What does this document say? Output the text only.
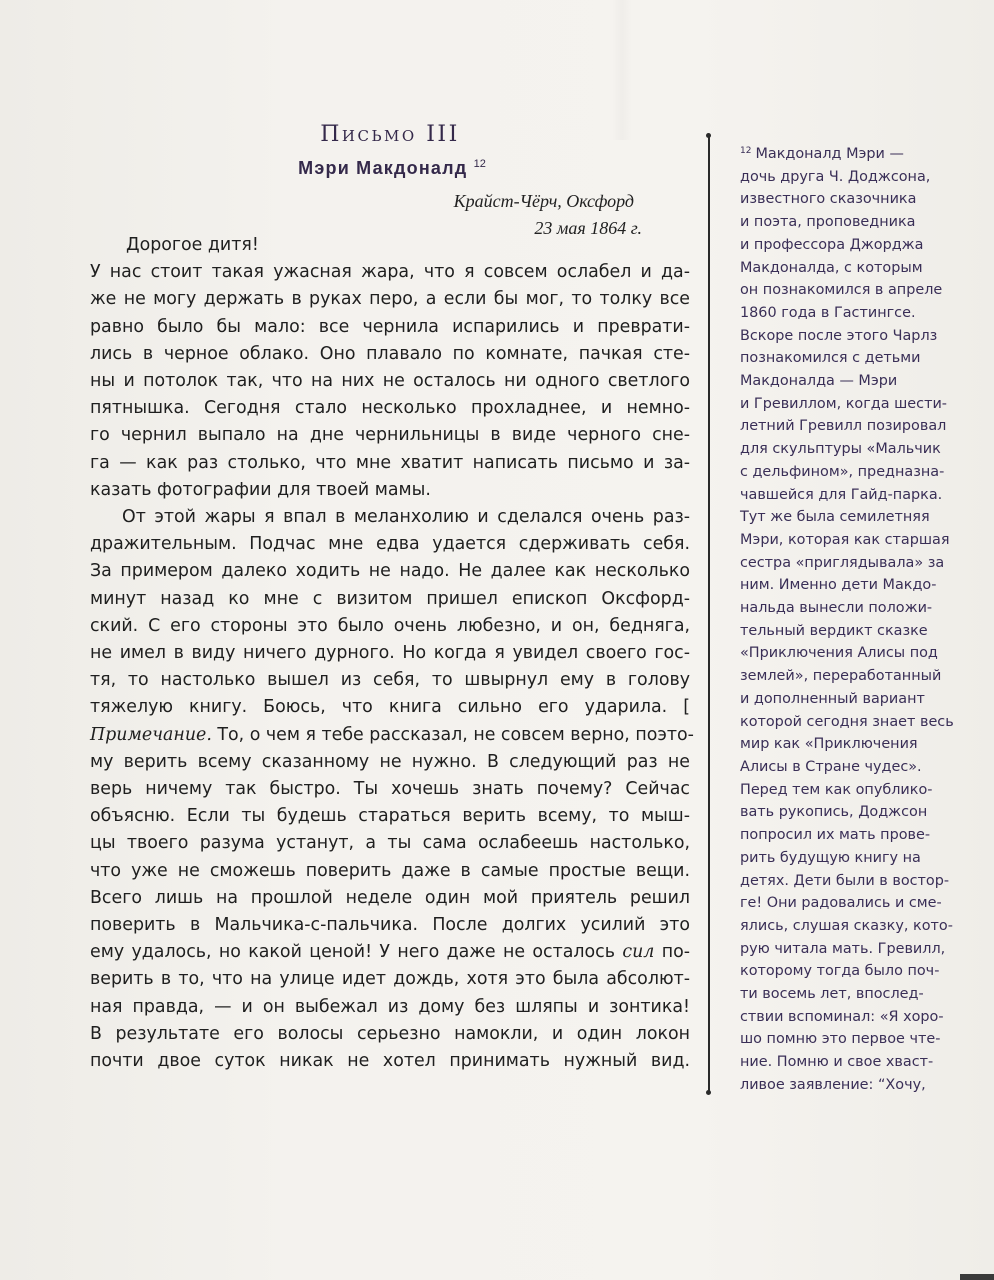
Письмо III

Мэри Макдоналд $^{12}$

Крайст-Чёрч, Оксфорд

23 мая 1864 г.

Дорогое дитя!
У нас стоит такая ужасная жара, что я совсем ослабел и да-
же не могу держать в руках перо, а если бы мог, то толку все
равно было бы мало: все чернила испарились и преврати-
лись в черное облако. Оно плавало по комнате, пачкая сте-
ны и потолок так, что на них не осталось ни одного светлого
пятнышка. Сегодня стало несколько прохладнее, и немно-
го чернил выпало на дне чернильницы в виде черного сне-
га — как раз столько, что мне хватит написать письмо и за-
казать фотографии для твоей мамы.
От этой жары я впал в меланхолию и сделался очень раз-
дражительным. Подчас мне едва удается сдерживать себя.
За примером далеко ходить не надо. Не далее как несколько
минут назад ко мне с визитом пришел епископ Оксфорд-
ский. С его стороны это было очень любезно, и он, бедняга,
не имел в виду ничего дурного. Но когда я увидел своего гос-
тя, то настолько вышел из себя, то швырнул ему в голову
тяжелую книгу. Боюсь, что книга сильно его ударила. [
Примечание. То, о чем я тебе рассказал, не совсем верно, поэто-
му верить всему сказанному не нужно. В следующий раз не
верь ничему так быстро. Ты хочешь знать почему? Сейчас
объясню. Если ты будешь стараться верить всему, то мыш-
цы твоего разума устанут, а ты сама ослабеешь настолько,
что уже не сможешь поверить даже в самые простые вещи.
Всего лишь на прошлой неделе один мой приятель решил
поверить в Мальчика-с-пальчика. После долгих усилий это
ему удалось, но какой ценой! У него даже не осталось сил по-
верить в то, что на улице идет дождь, хотя это была абсолют-
ная правда, — и он выбежал из дому без шляпы и зонтика!
В результате его волосы серьезно намокли, и один локон
почти двое суток никак не хотел принимать нужный вид.
$^{12}$ Макдоналд Мэри —
дочь друга Ч. Доджсона,
известного сказочника
и поэта, проповедника
и профессора Джорджа
Макдоналда, с которым
он познакомился в апреле
1860 года в Гастингсе.
Вскоре после этого Чарлз
познакомился с детьми
Макдоналда — Мэри
и Гревиллом, когда шести-
летний Гревилл позировал
для скульптуры «Мальчик
с дельфином», предназна-
чавшейся для Гайд-парка.
Тут же была семилетняя
Мэри, которая как старшая
сестра «приглядывала» за
ним. Именно дети Макдо-
нальда вынесли положи-
тельный вердикт сказке
«Приключения Алисы под
землей», переработанный
и дополненный вариант
которой сегодня знает весь
мир как «Приключения
Алисы в Стране чудес».
Перед тем как опублико-
вать рукопись, Доджсон
попросил их мать прове-
рить будущую книгу на
детях. Дети были в востор-
ге! Они радовались и сме-
ялись, слушая сказку, кото-
рую читала мать. Гревилл,
которому тогда было поч-
ти восемь лет, впослед-
ствии вспоминал: «Я хоро-
шо помню это первое чте-
ние. Помню и свое хваст-
ливое заявление: “Хочу,
